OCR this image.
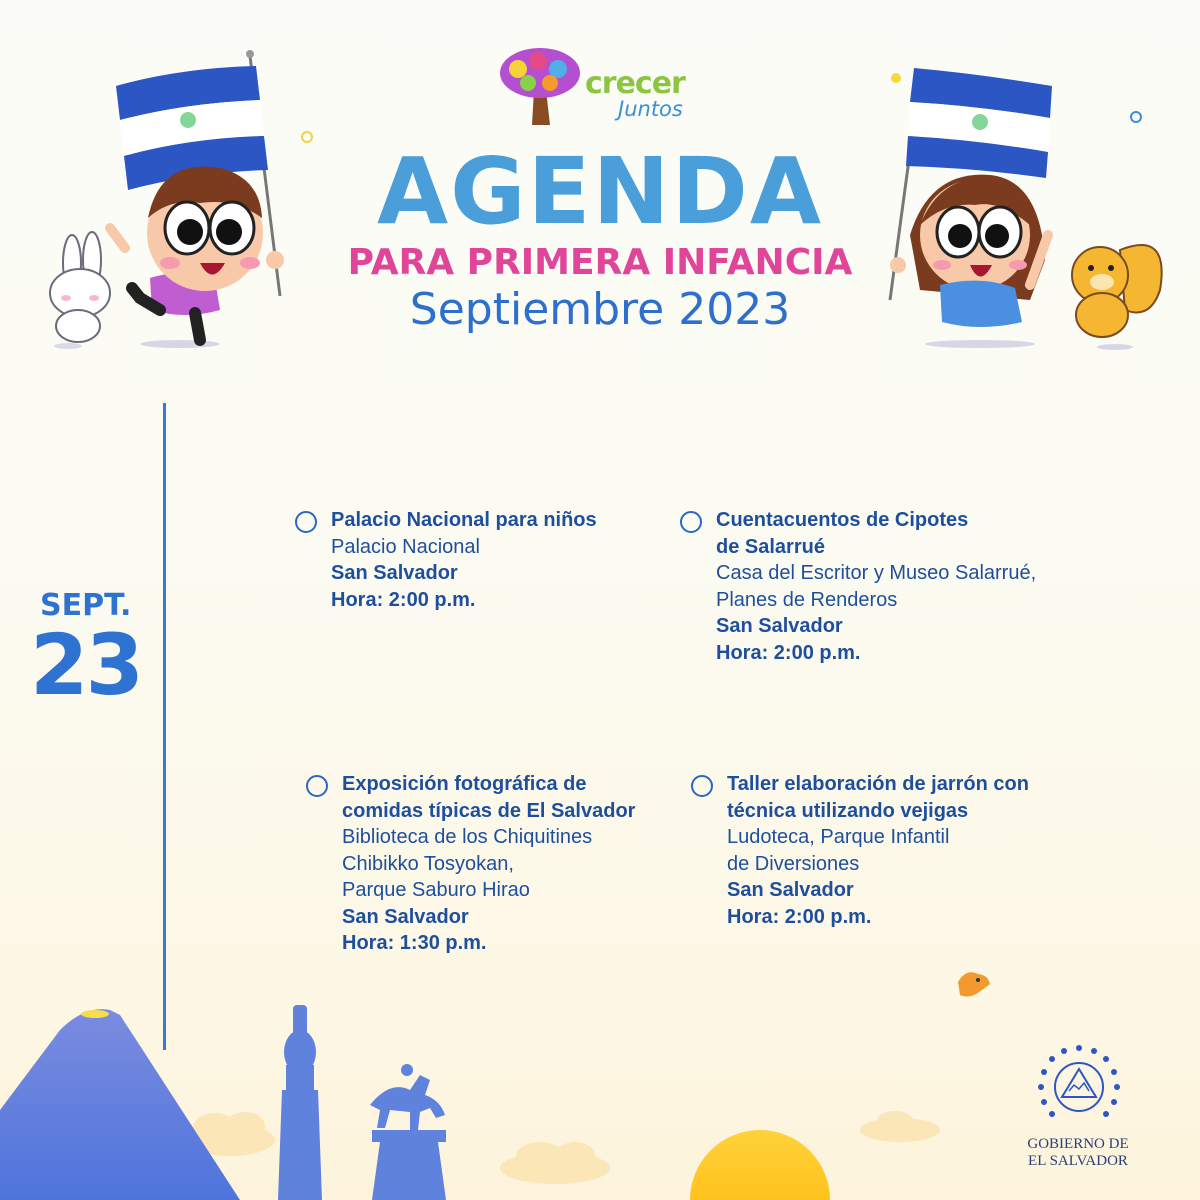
crecer
Juntos
AGENDA
PARA PRIMERA INFANCIA
Septiembre 2023
SEPT.
23
Palacio Nacional para niños
Palacio Nacional
San Salvador
Hora: 2:00 p.m.
Cuentacuentos de Cipotes
de Salarrué
Casa del Escritor y Museo Salarrué,
Planes de Renderos
San Salvador
Hora: 2:00 p.m.
Exposición fotográfica de
comidas típicas de El Salvador
Biblioteca de los Chiquitines
Chibikko Tosyokan,
Parque Saburo Hirao
San Salvador
Hora: 1:30 p.m.
Taller elaboración de jarrón con
técnica utilizando vejigas
Ludoteca, Parque Infantil
de Diversiones
San Salvador
Hora: 2:00 p.m.
GOBIERNO DE
EL SALVADOR
